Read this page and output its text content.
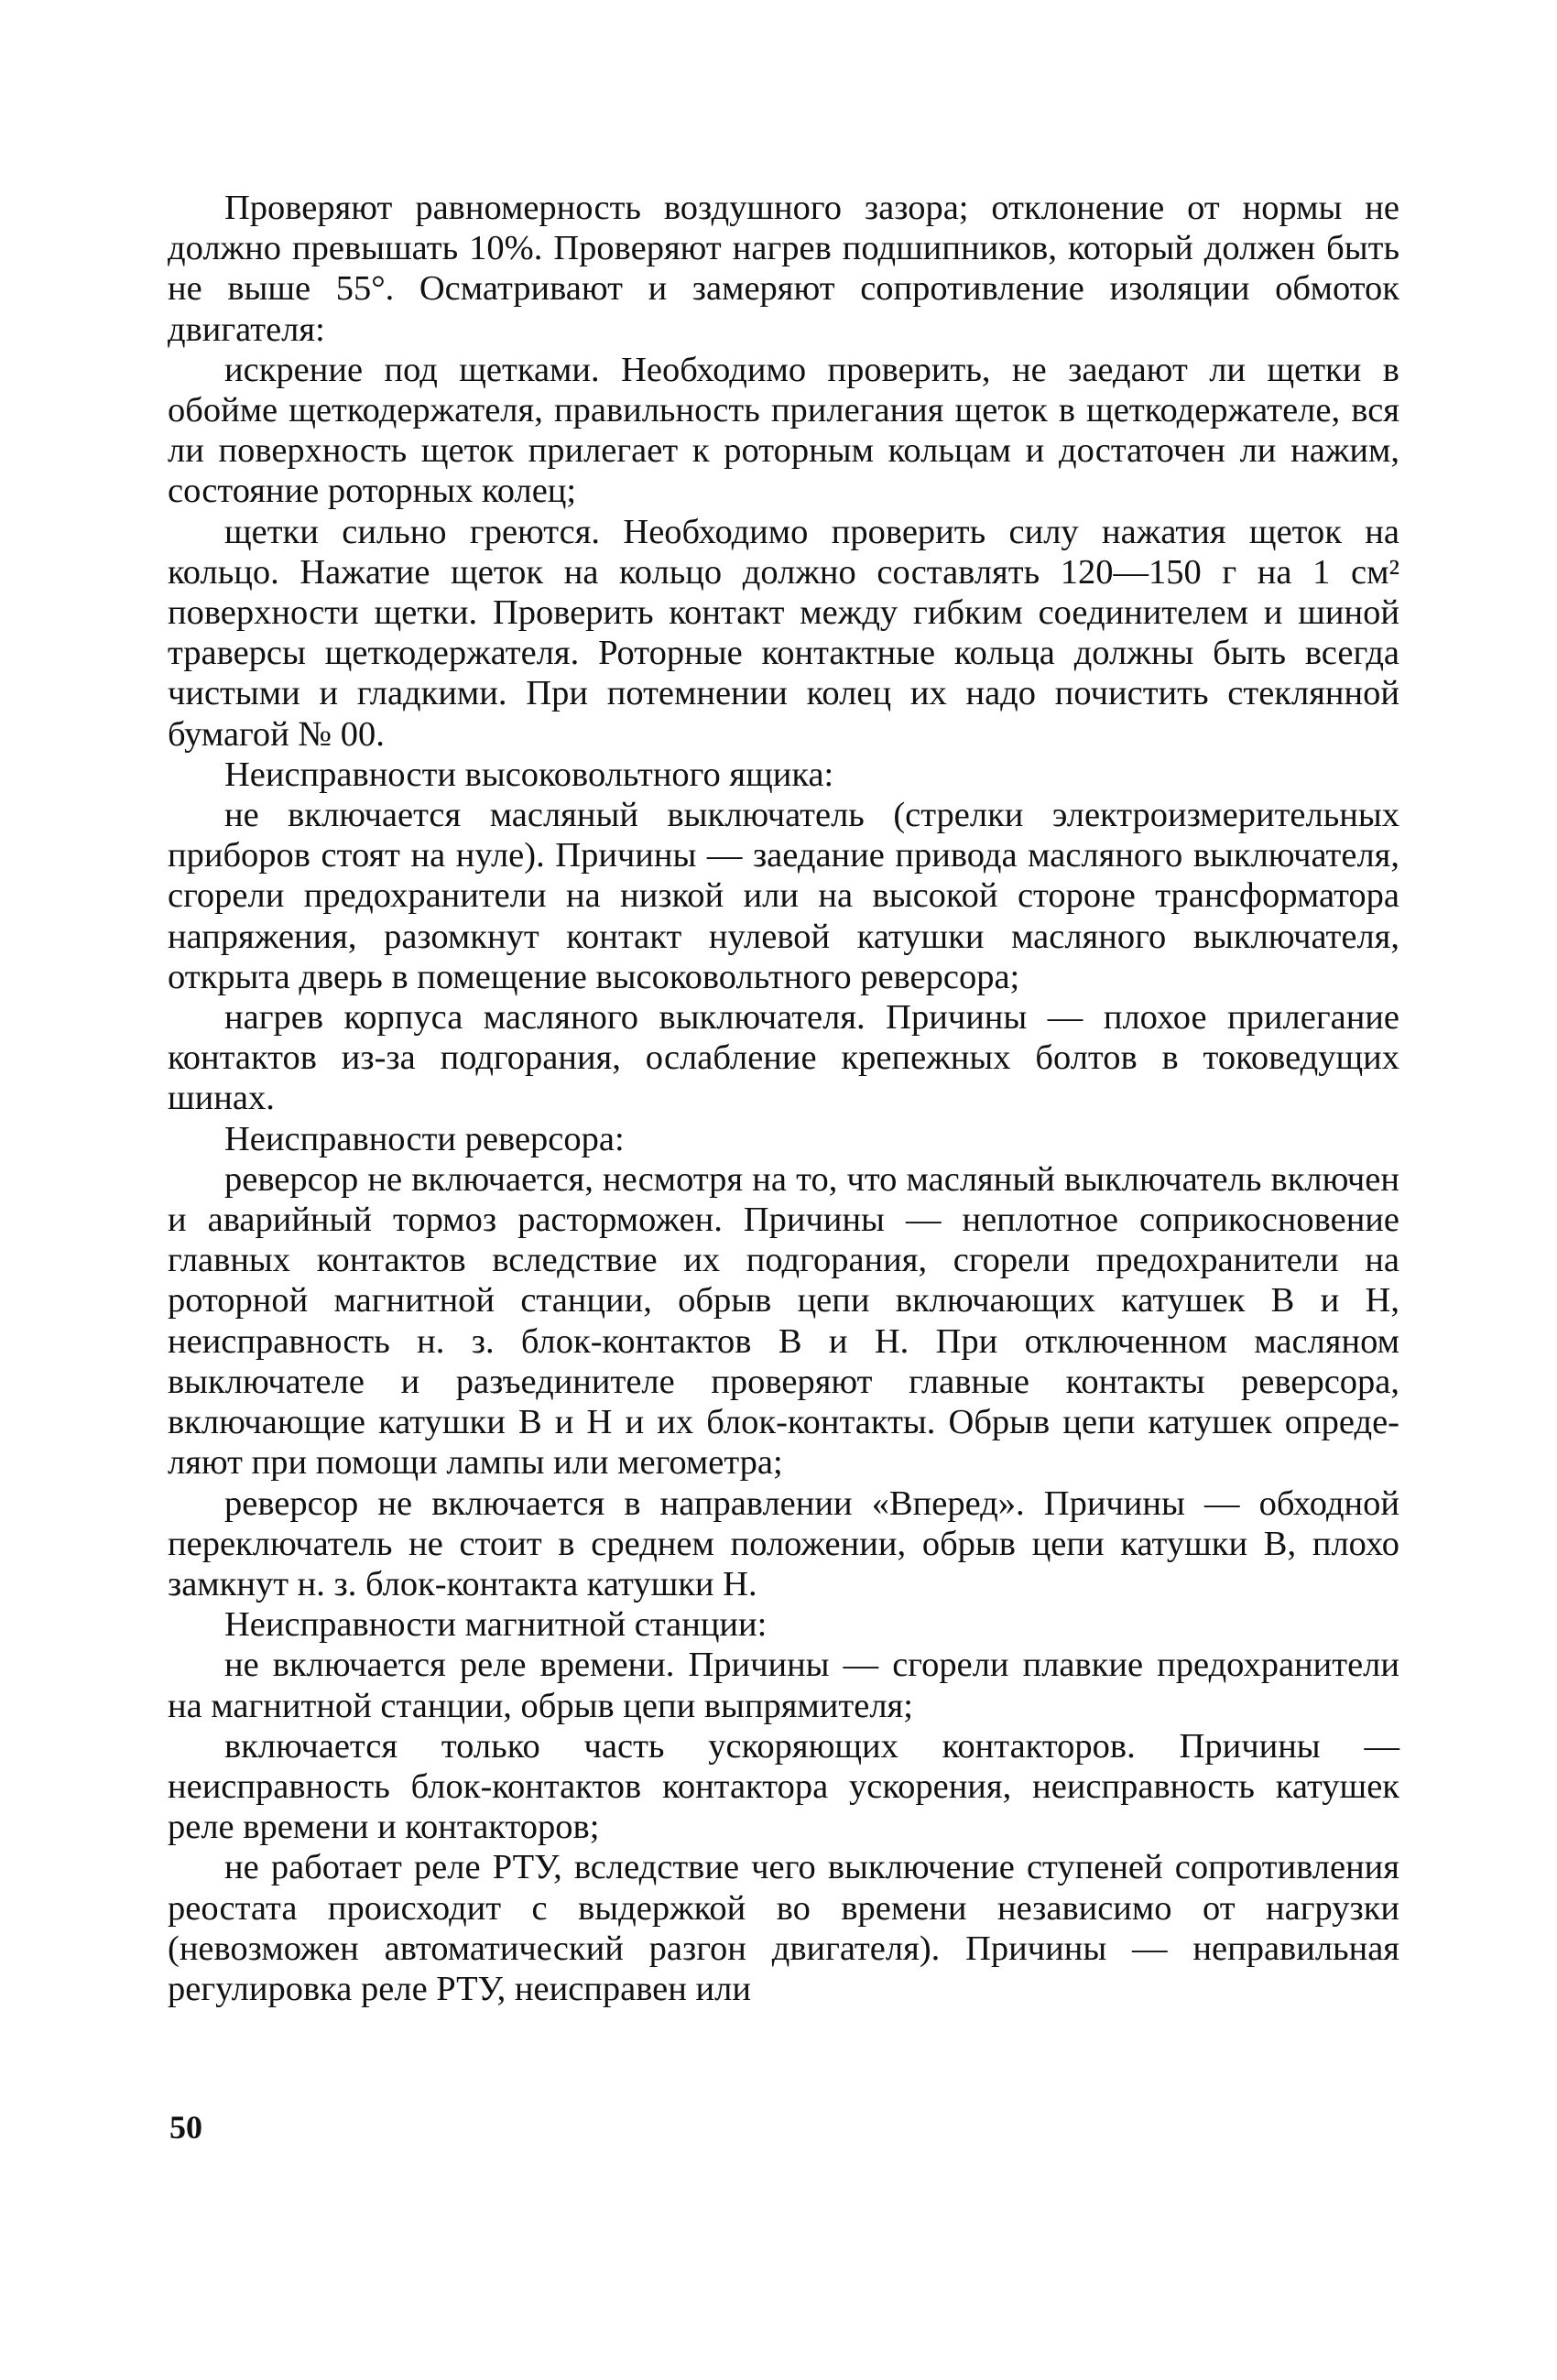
Проверяют равномерность воздушного зазора; отклонение от нормы не должно превышать 10%. Проверяют нагрев подшипников, который должен быть не выше 55°. Осматривают и замеряют сопротивление изоляции обмоток двигателя:

искрение под щетками. Необходимо проверить, не заедают ли щетки в обойме щеткодержателя, правильность прилегания щеток в щеткодержателе, вся ли поверхность щеток прилегает к роторным кольцам и достаточен ли нажим, состояние роторных колец;

щетки сильно греются. Необходимо проверить силу нажатия щеток на кольцо. Нажатие щеток на кольцо должно составлять 120—150 г на 1 см² поверхности щетки. Проверить контакт между гибким соединителем и шиной траверсы щеткодержателя. Роторные контактные кольца должны быть всегда чистыми и гладкими. При потемнении колец их надо почистить стеклянной бумагой № 00.

Неисправности высоковольтного ящика:

не включается масляный выключатель (стрелки электроизмерительных приборов стоят на нуле). Причины — заедание привода масляного выключателя, сгорели предохранители на низкой или на высокой стороне трансформатора напряжения, разомкнут контакт нулевой катушки масляного выключателя, открыта дверь в помещение высоковольтного реверсора;

нагрев корпуса масляного выключателя. Причины — плохое прилегание контактов из-за подгорания, ослабление крепежных болтов в токоведущих шинах.

Неисправности реверсора:

реверсор не включается, несмотря на то, что масляный выключатель включен и аварийный тормоз расторможен. Причины — неплотное соприкосновение главных контактов вследствие их подгорания, сгорели предохранители на роторной магнитной станции, обрыв цепи включающих катушек В и Н, неисправность н. з. блок-контактов В и Н. При отключенном масляном выключателе и разъединителе проверяют главные контакты реверсора, включающие катушки В и Н и их блок-контакты. Обрыв цепи катушек определяют при помощи лампы или мегометра;

реверсор не включается в направлении «Вперед». Причины — обходной переключатель не стоит в среднем положении, обрыв цепи катушки В, плохо замкнут н. з. блок-контакта катушки Н.

Неисправности магнитной станции:

не включается реле времени. Причины — сгорели плавкие предохранители на магнитной станции, обрыв цепи выпрямителя;

включается только часть ускоряющих контакторов. Причины — неисправность блок-контактов контактора ускорения, неисправность катушек реле времени и контакторов;

не работает реле РТУ, вследствие чего выключение ступеней сопротивления реостата происходит с выдержкой во времени независимо от нагрузки (невозможен автоматический разгон двигателя). Причины — неправильная регулировка реле РТУ, неисправен или

50
